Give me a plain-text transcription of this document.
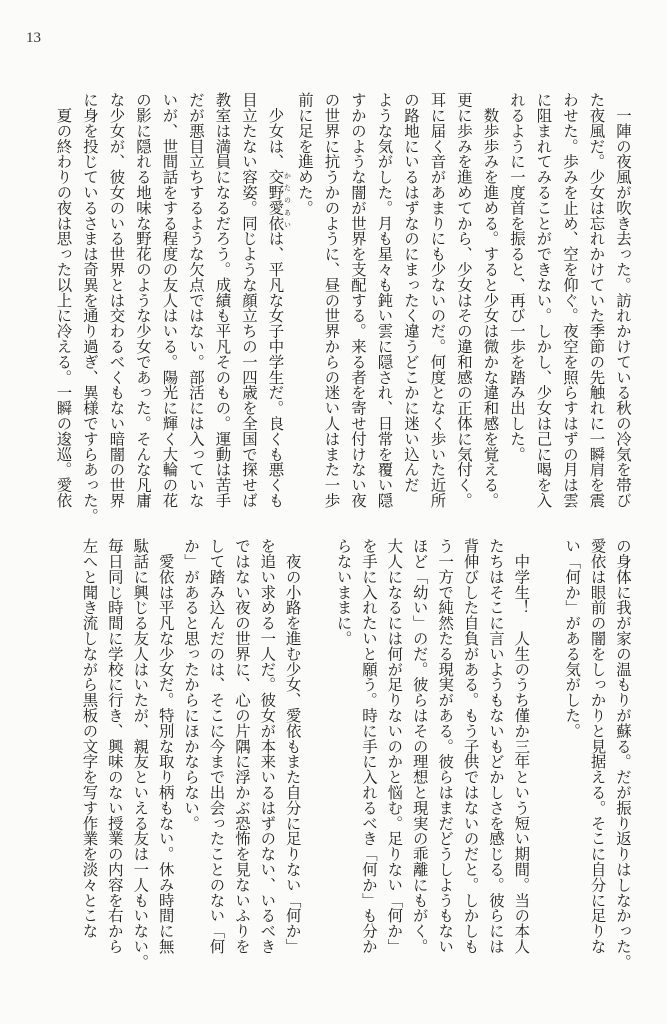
13
　一陣の夜風が吹き去った。訪れかけている秋の冷気を帯び
た夜風だ。少女は忘れかけていた季節の先触れに一瞬肩を震
わせた。歩みを止め、空を仰ぐ。夜空を照らすはずの月は雲
に阻まれてみることができない。しかし、少女は己に喝を入
れるように一度首を振ると、再び一歩を踏み出した。
　数歩歩みを進める。すると少女は微かな違和感を覚える。
更に歩みを進めてから、少女はその違和感の正体に気付く。
耳に届く音があまりにも少ないのだ。何度となく歩いた近所
の路地にいるはずなのにまったく違うどこかに迷い込んだ
ような気がした。月も星々も鈍い雲に隠され、日常を覆い隠
すかのような闇が世界を支配する。来る者を寄せ付けない夜
の世界に抗うかのように、昼の世界からの迷い人はまた一歩
前に足を進めた。
　少女は、交野愛依 かたのあいは、平凡な女子中学生だ。良くも悪くも
目立たない容姿。同じような顔立ちの一四歳を全国で探せば
教室は満員になるだろう。成績も平凡そのもの。運動は苦手
だが悪目立ちするような欠点ではない。部活には入っていな
いが、世間話をする程度の友人はいる。陽光に輝く大輪の花
の影に隠れる地味な野花のような少女であった。そんな凡庸
な少女が、彼女のいる世界とは交わるべくもない暗闇の世界
に身を投じているさまは奇異を通り過ぎ、異様ですらあった。
　夏の終わりの夜は思った以上に冷える。一瞬の逡巡。愛依
の身体に我が家の温もりが蘇る。だが振り返りはしなかった。
愛依は眼前の闇をしっかりと見据える。そこに自分に足りな
い「何か」がある気がした。

　中学生！　人生のうち僅か三年という短い期間。当の本人
たちはそこに言いようもないもどかしさを感じる。彼らには
背伸びした自負がある。もう子供ではないのだと。しかしも
う一方で純然たる現実がある。彼らはまだどうしようもない
ほど「幼い」のだ。彼らはその理想と現実の乖離にもがく。
大人になるには何が足りないのかと悩む。足りない「何か」
を手に入れたいと願う。時に手に入れるべき「何か」も分か
らないままに。

　夜の小路を進む少女、愛依もまた自分に足りない「何か」
を追い求める一人だ。彼女が本来いるはずのない、いるべき
ではない夜の世界に、心の片隅に浮かぶ恐怖を見ないふりを
して踏み込んだのは、そこに今まで出会ったことのない「何
か」があると思ったからにほかならない。
　愛依は平凡な少女だ。特別な取り柄もない。休み時間に無
駄話に興じる友人はいたが、親友といえる友は一人もいない。
毎日同じ時間に学校に行き、興味のない授業の内容を右から
左へと聞き流しながら黒板の文字を写す作業を淡々とこな
